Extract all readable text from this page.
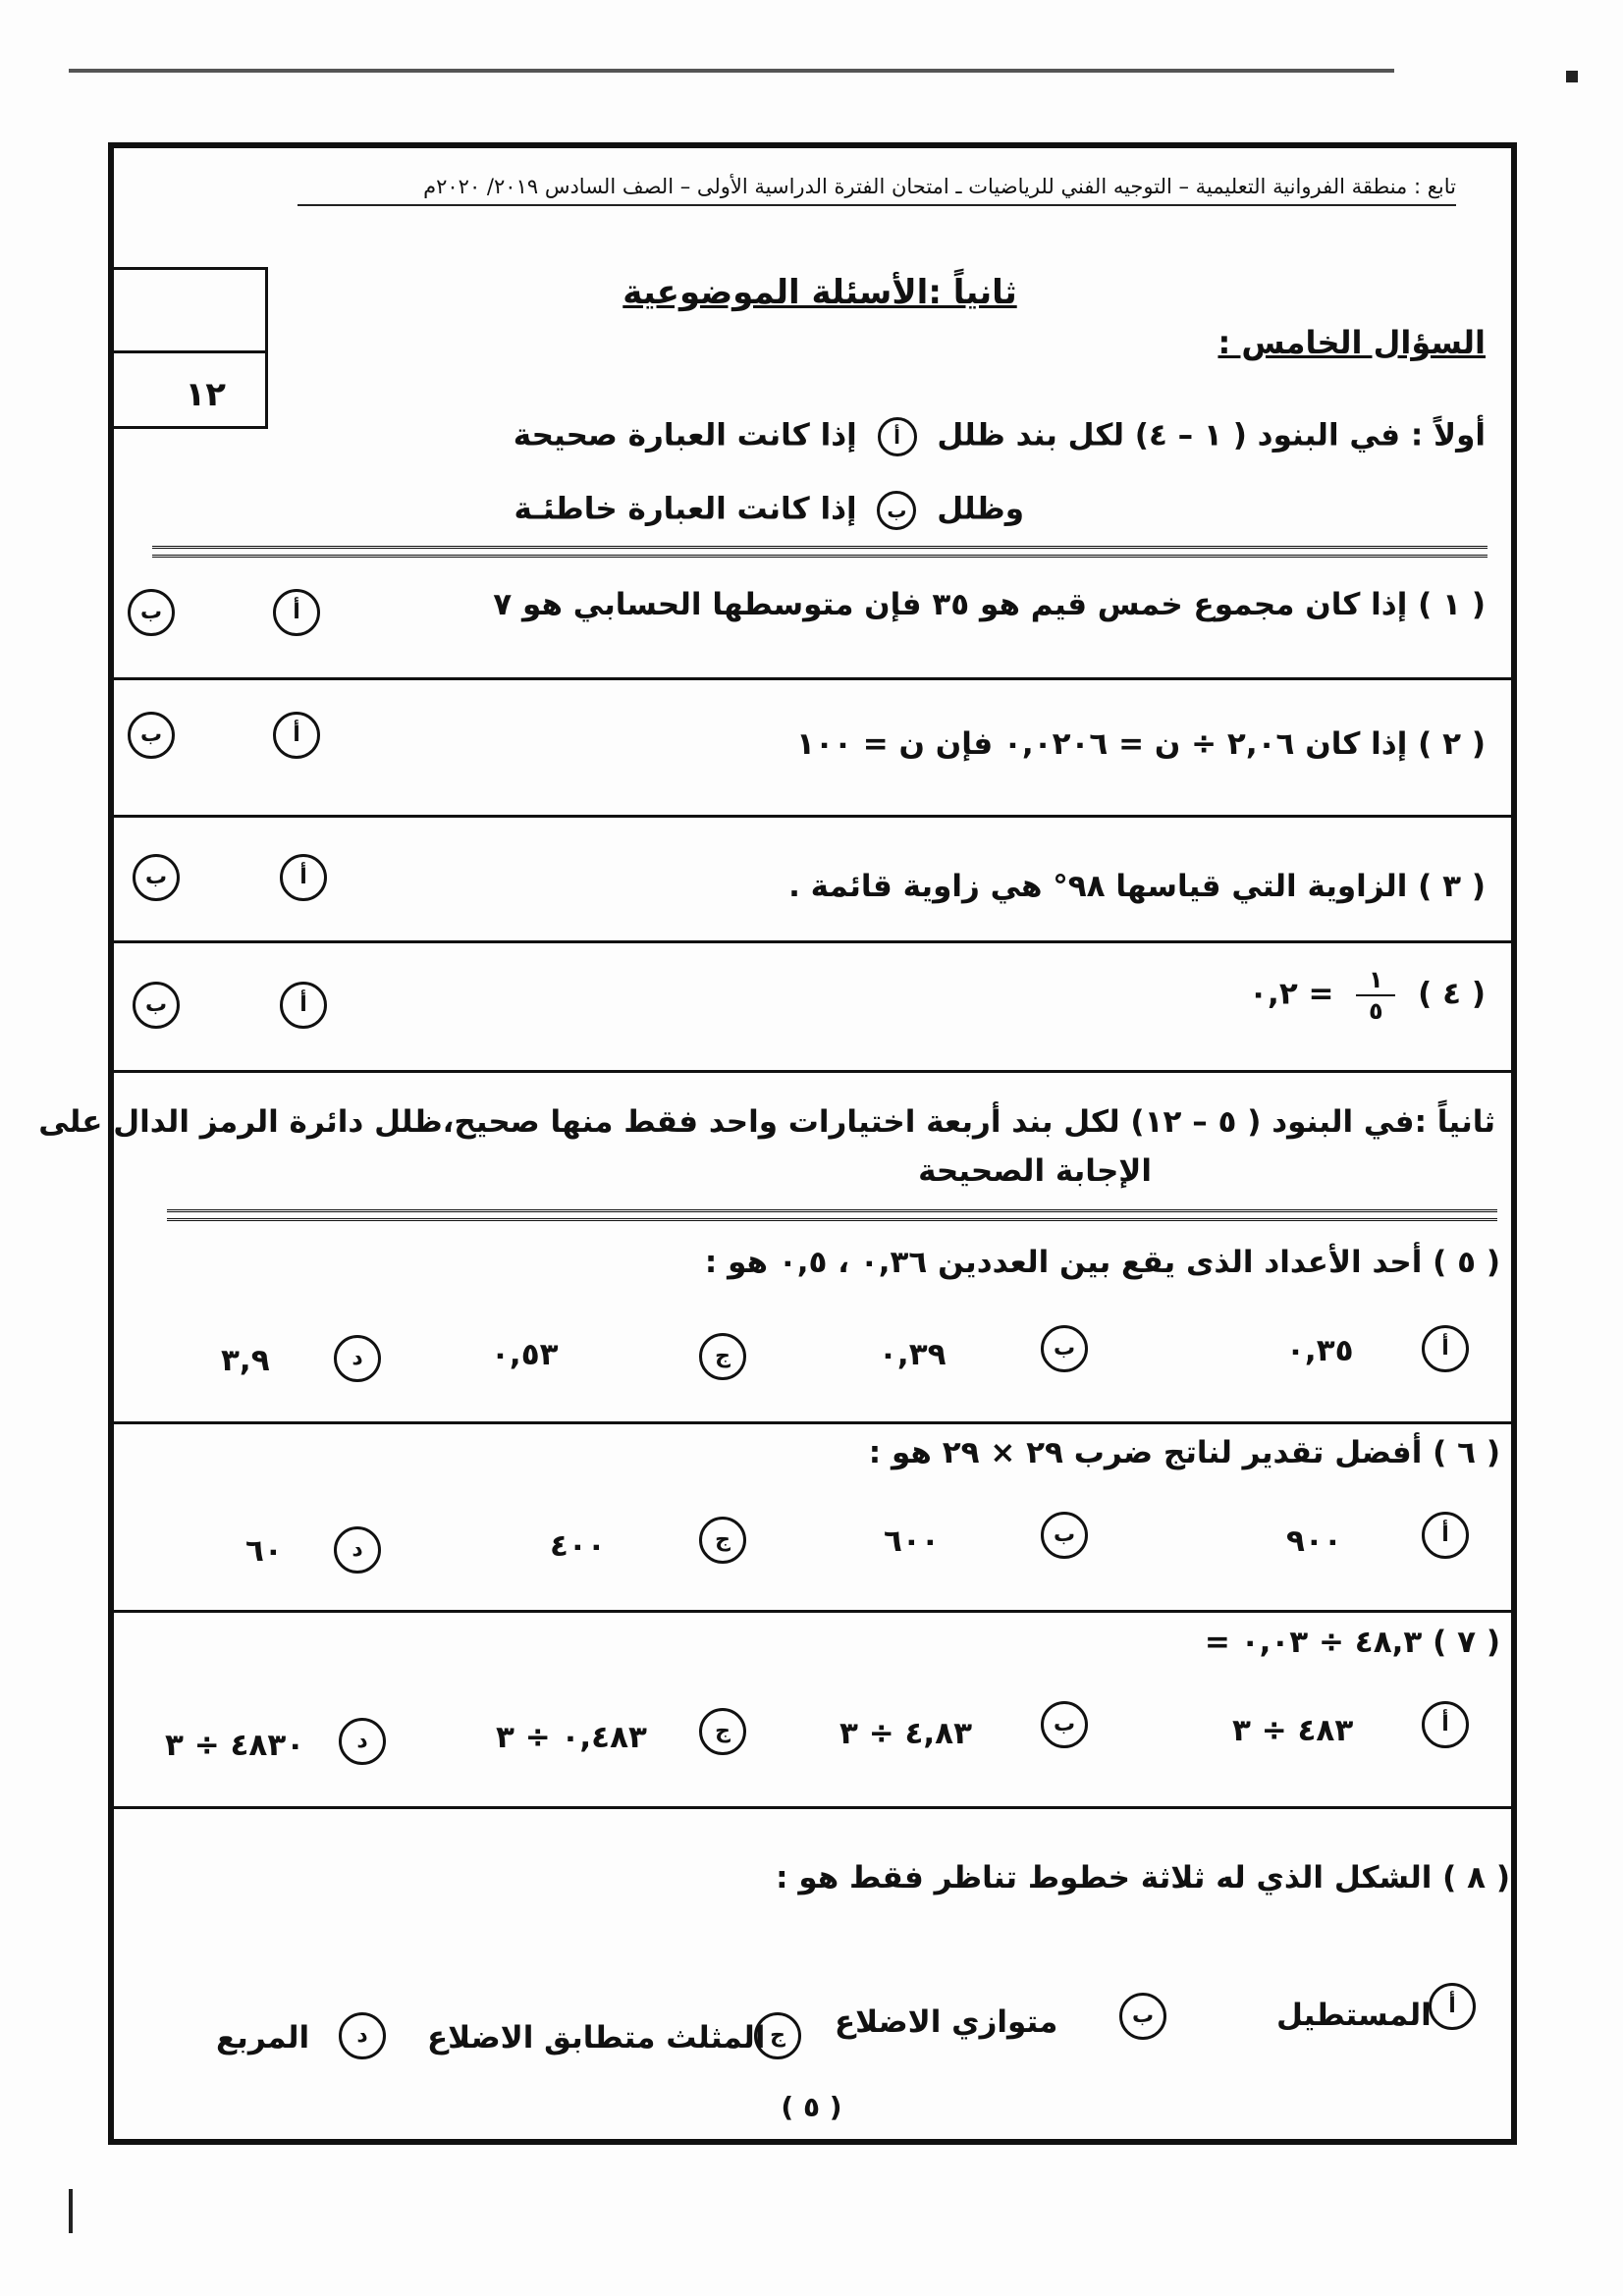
تابع : منطقة الفروانية التعليمية – التوجيه الفني للرياضيات ـ امتحان الفترة الدراسية الأولى – الصف السادس ٢٠١٩/ ٢٠٢٠م
١٢
ثانياً :الأسئلة الموضوعية
السؤال الخامس :
أولاً : في البنود ( ١ – ٤) لكل بند ظلل أ إذا كانت العبارة صحيحة
وظلل ب إذا كانت العبارة خاطئـة
( ١ ) إذا كان مجموع خمس قيم هو ٣٥ فإن متوسطها الحسابي هو ٧
أ
ب
( ٢ ) إذا كان ٢,٠٦ ÷ ن = ٠,٠٢٠٦ فإن ن = ١٠٠
أ
ب
( ٣ ) الزاوية التي قياسها ٩٨° هي زاوية قائمة .
أ
ب
( ٤ )
$\frac{١}{٥}$
= ٠,٢
أ
ب
ثانياً :في البنود ( ٥ – ١٢) لكل بند أربعة اختيارات واحد فقط منها صحيح،ظلل دائرة الرمز الدال على
الإجابة الصحيحة
( ٥ ) أحد الأعداد الذى يقع بين العددين ٠,٣٦ ، ٠,٥ هو :
أ
٠,٣٥
ب
٠,٣٩
ج
٠,٥٣
د
٣,٩
( ٦ ) أفضل تقدير لناتج ضرب ٢٩ × ٢٩ هو :
أ
٩٠٠
ب
٦٠٠
ج
٤٠٠
د
٦٠
( ٧ ) ٤٨,٣ ÷ ٠,٠٣ =
أ
٤٨٣ ÷ ٣
ب
٤,٨٣ ÷ ٣
ج
٠,٤٨٣ ÷ ٣
د
٤٨٣٠ ÷ ٣
( ٨ ) الشكل الذي له ثلاثة خطوط تناظر فقط هو :
أ
المستطيل
ب
متوازي الاضلاع
ج
المثلث متطابق الاضلاع
د
المربع
( ٥ )
